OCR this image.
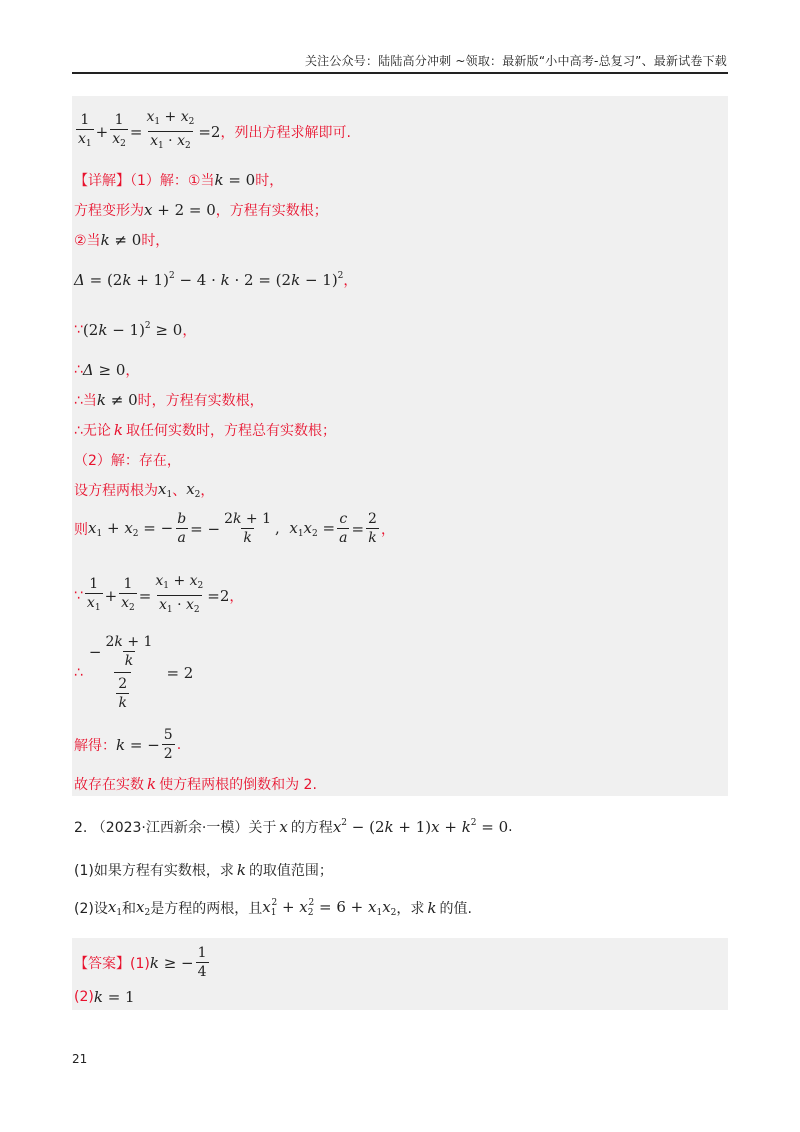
关注公众号：陆陆高分冲刺 ~领取：最新版“小中高考-总复习”、最新试卷下载
$\frac{1}{x_1} + \frac{1}{x_2} = \frac{x_1 + x_2}{x_1 \cdot x_2} =2$ ，列出方程求解即可.
【详解】（1）解：①当 k = 0 时，
方程变形为 x + 2 = 0 ，方程有实数根；
②当 k ≠ 0 时，
$\Delta = (2k + 1)^2 - 4 \cdot k \cdot 2 = (2k - 1)^2$ ，
∵ $(2k - 1)^2 \ge 0$ ，
∴ Δ ≥ 0 ，
∴当 k ≠ 0 时，方程有实数根，
∴无论 k 取任何实数时，方程总有实数根；
（2）解：存在，
设方程两根为 $x_1$ 、 $x_2$ ，
则 $x_1 + x_2$ = − $\frac{b}{a}$ = − $\frac{2k + 1}{k}$ ,  $x_1x_2 = \frac{c}{a} = \frac{2}{k}$ ，
∵ $\frac{1}{x_1} + \frac{1}{x_2} = \frac{x_1 + x_2}{x_1 \cdot x_2} =2$ ，
∴ $\frac{- \frac{2k + 1}{k}}{\frac{2}{k}} = 2$
解得： k = − $\frac{5}{2}$ .
故存在实数 k 使方程两根的倒数和为 2.
2. （2023·江西新余·一模）关于 x 的方程 $x^2 - (2k + 1)x + k^2 = 0$ .
(1)如果方程有实数根，求 k 的取值范围；
(2)设 $x_1$ 和 $x_2$ 是方程的两根，且 $x_1^2 + x_2^2 = 6 + x_1x_2$ ，求 k 的值.
【答案】(1) k ≥ − $\frac{1}{4}$
(2) k = 1
21
